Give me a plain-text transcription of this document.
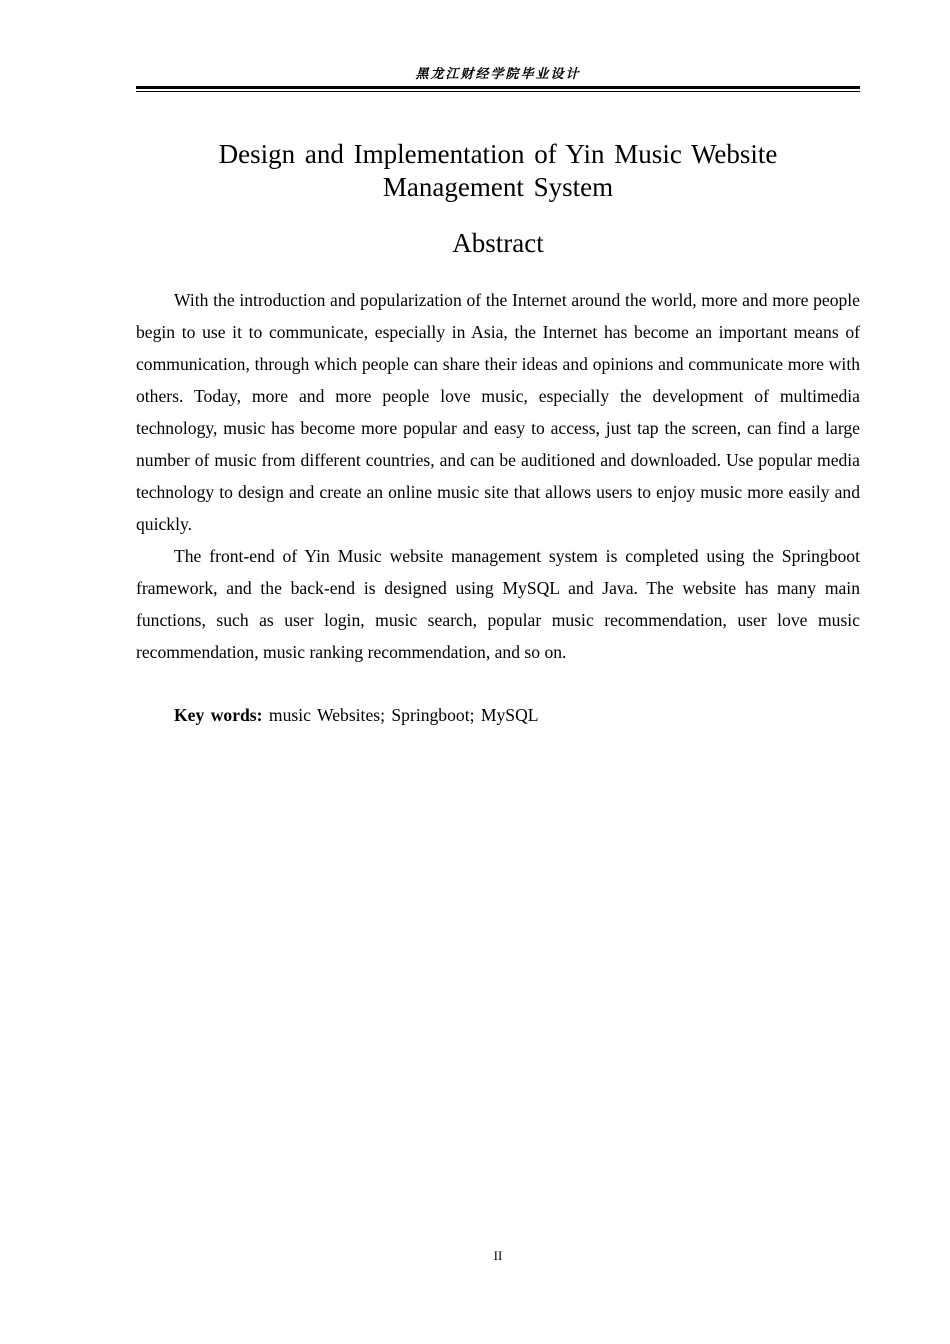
黑龙江财经学院毕业设计
Design and Implementation of Yin Music Website
Management System
Abstract

With the introduction and popularization of the Internet around the world, more and more people begin to use it to communicate, especially in Asia, the Internet has become an important means of communication, through which people can share their ideas and opinions and communicate more with others. Today, more and more people love music, especially the development of multimedia technology, music has become more popular and easy to access, just tap the screen, can find a large number of music from different countries, and can be auditioned and downloaded. Use popular media technology to design and create an online music site that allows users to enjoy music more easily and quickly.

The front-end of Yin Music website management system is completed using the Springboot framework, and the back-end is designed using MySQL and Java. The website has many main functions, such as user login, music search, popular music recommendation, user love music recommendation, music ranking recommendation, and so on.

Key words: music Websites; Springboot; MySQL
II
